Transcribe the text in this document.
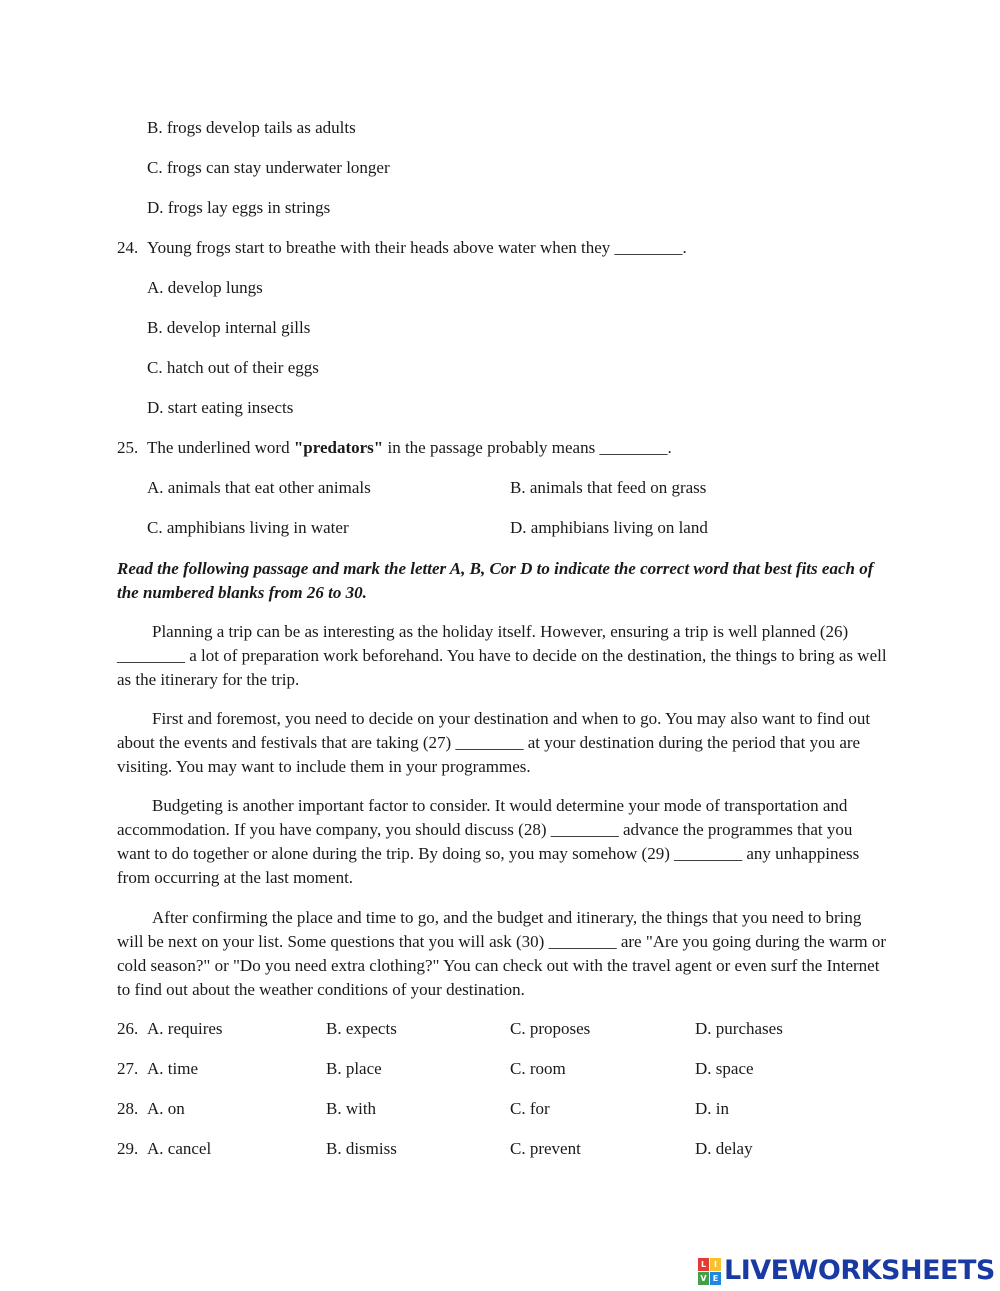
B. frogs develop tails as adults
C. frogs can stay underwater longer
D. frogs lay eggs in strings
24. Young frogs start to breathe with their heads above water when they ________.
A. develop lungs
B. develop internal gills
C. hatch out of their eggs
D. start eating insects
25. The underlined word "predators" in the passage probably means ________.
A. animals that eat other animals	B. animals that feed on grass
C. amphibians living in water	D. amphibians living on land
Read the following passage and mark the letter A, B, Cor D to indicate the correct word that best fits each of the numbered blanks from 26 to 30.
Planning a trip can be as interesting as the holiday itself. However, ensuring a trip is well planned (26) ________ a lot of preparation work beforehand. You have to decide on the destination, the things to bring as well as the itinerary for the trip.
First and foremost, you need to decide on your destination and when to go. You may also want to find out about the events and festivals that are taking (27) ________ at your destination during the period that you are visiting. You may want to include them in your programmes.
Budgeting is another important factor to consider. It would determine your mode of transportation and accommodation. If you have company, you should discuss (28) ________ advance the programmes that you want to do together or alone during the trip. By doing so, you may somehow (29) ________ any unhappiness from occurring at the last moment.
After confirming the place and time to go, and the budget and itinerary, the things that you need to bring will be next on your list. Some questions that you will ask (30) ________ are "Are you going during the warm or cold season?" or "Do you need extra clothing?" You can check out with the travel agent or even surf the Internet to find out about the weather conditions of your destination.
26. A. requires	B. expects	C. proposes	D. purchases
27. A. time	B. place	C. room	D. space
28. A. on	B. with	C. for	D. in
29. A. cancel	B. dismiss	C. prevent	D. delay
L I
V E LIVEWORKSHEETS
